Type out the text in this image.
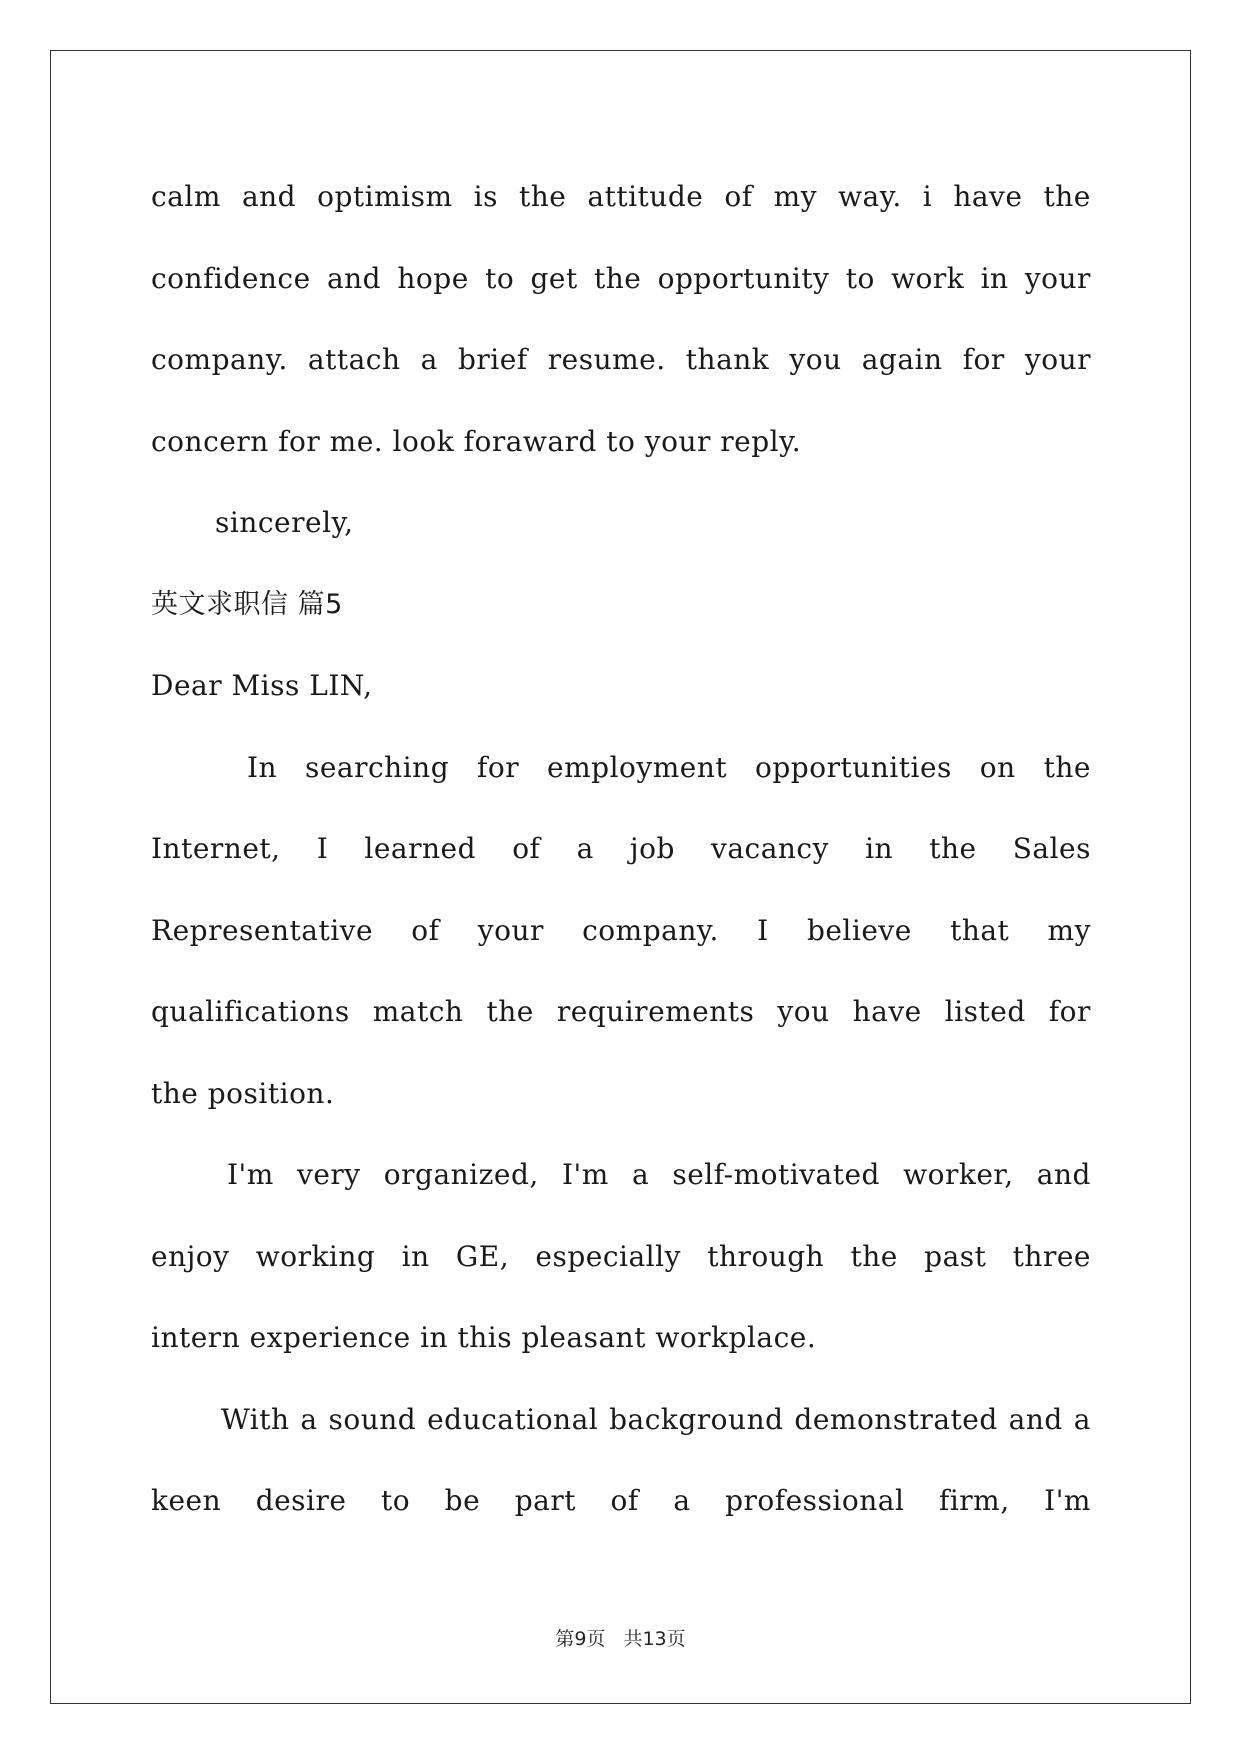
calm and optimism is the attitude of my way. i have the
confidence and hope to get the opportunity to work in your
company. attach a brief resume. thank you again for your
concern for me. look foraward to your reply.
sincerely,
英文求职信 篇5
Dear Miss LIN,
In searching for employment opportunities on the
Internet, I learned of a job vacancy in the Sales
Representative of your company. I believe that my
qualifications match the requirements you have listed for
the position.
I'm very organized, I'm a self-motivated worker, and
enjoy working in GE, especially through the past three
intern experience in this pleasant workplace.
With a sound educational background demonstrated and a
keen desire to be part of a professional firm, I'm
第9页 共13页
